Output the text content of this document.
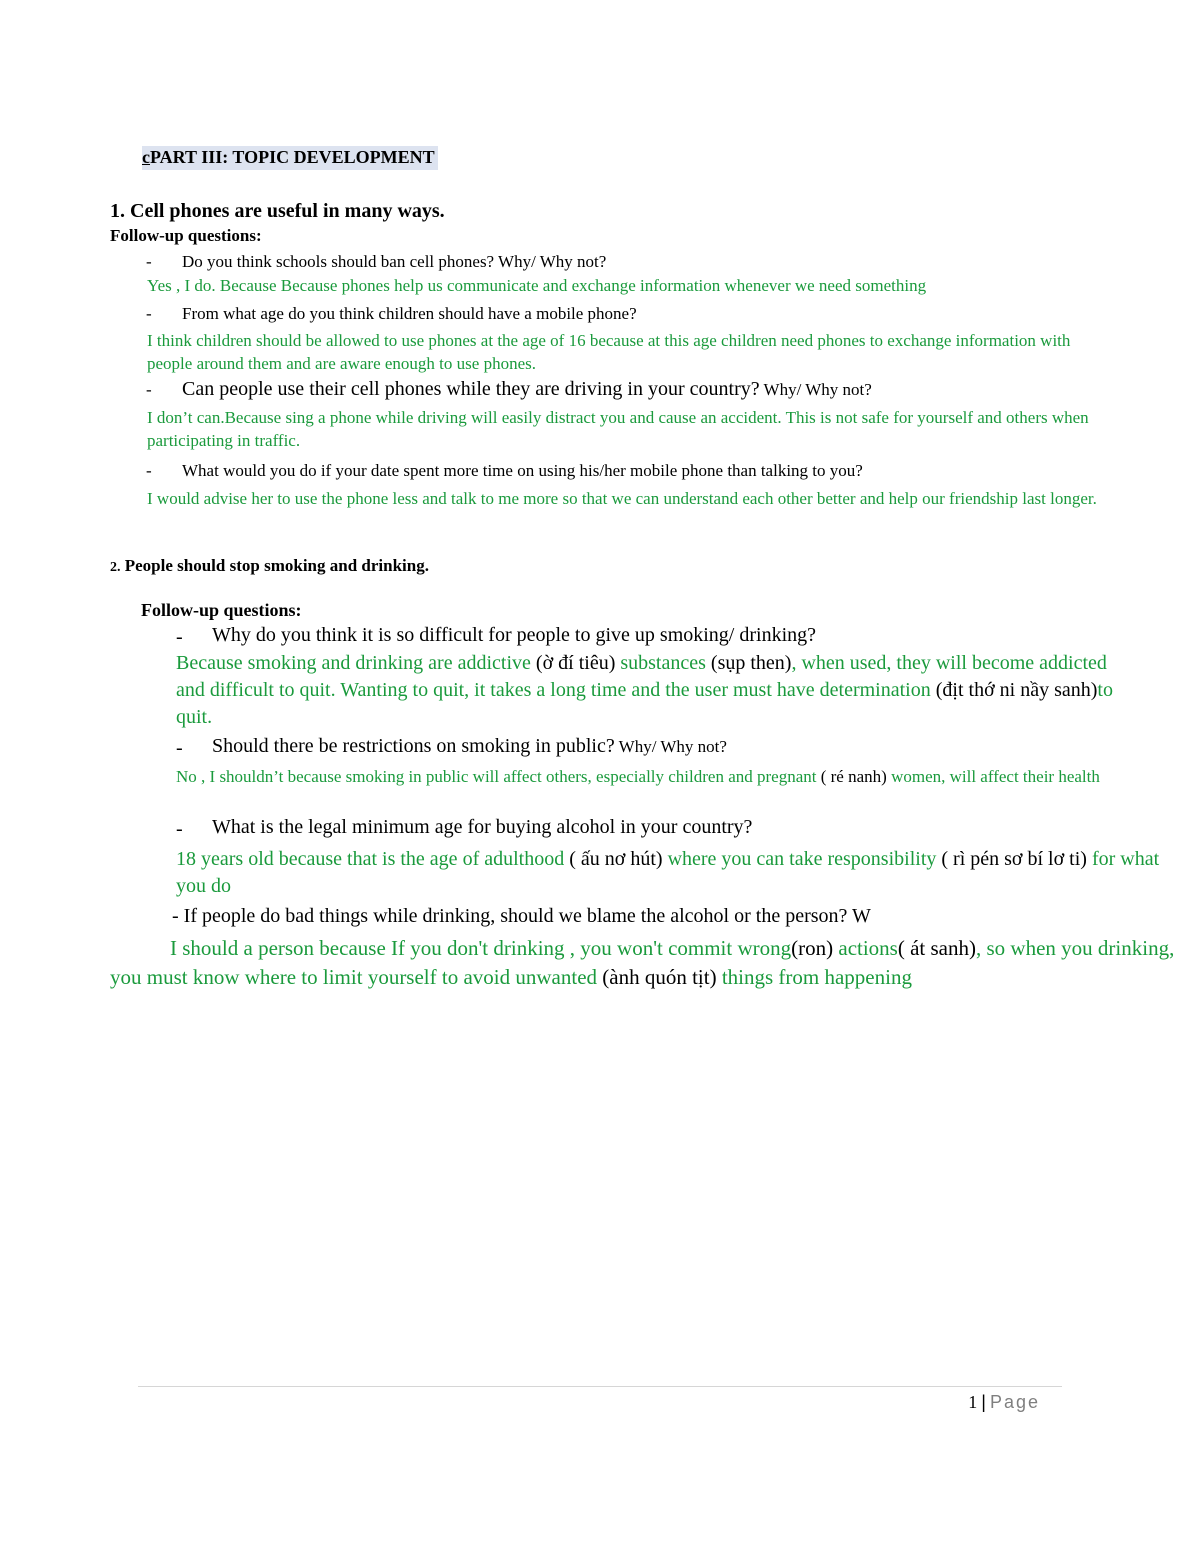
cPART III: TOPIC DEVELOPMENT
1. Cell phones are useful in many ways.
Follow-up questions:
- Do you think schools should ban cell phones? Why/ Why not?
Yes , I do. Because Because phones help us communicate and exchange information whenever we need something
- From what age do you think children should have a mobile phone?
I think children should be allowed to use phones at the age of 16 because at this age children need phones to exchange information with people around them and are aware enough to use phones.
- Can people use their cell phones while they are driving in your country? Why/ Why not?
I don’t can.Because sing a phone while driving will easily distract you and cause an accident. This is not safe for yourself and others when participating in traffic.
- What would you do if your date spent more time on using his/her mobile phone than talking to you?
I would advise her to use the phone less and talk to me more so that we can understand each other better and help our friendship last longer.
2. People should stop smoking and drinking.
Follow-up questions:
- Why do you think it is so difficult for people to give up smoking/ drinking?
Because smoking and drinking are addictive (ờ đí tiêu) substances (sụp then), when used, they will become addicted and difficult to quit. Wanting to quit, it takes a long time and the user must have determination (địt thớ ni nầy sanh)to quit.
- Should there be restrictions on smoking in public? Why/ Why not?
No , I shouldn’t because smoking in public will affect others, especially children and pregnant ( ré nanh) women, will affect their health
- What is the legal minimum age for buying alcohol in your country?
18 years old because that is the age of adulthood ( ấu nơ hút) where you can take responsibility ( rì pén sơ bí lơ ti) for what you do
- If people do bad things while drinking, should we blame the alcohol or the person? W
I should a person because If you don't drinking , you won't commit wrong(ron) actions( át sanh), so when you drinking, you must know where to limit yourself to avoid unwanted (ành quón tịt) things from happening
1 | Page
